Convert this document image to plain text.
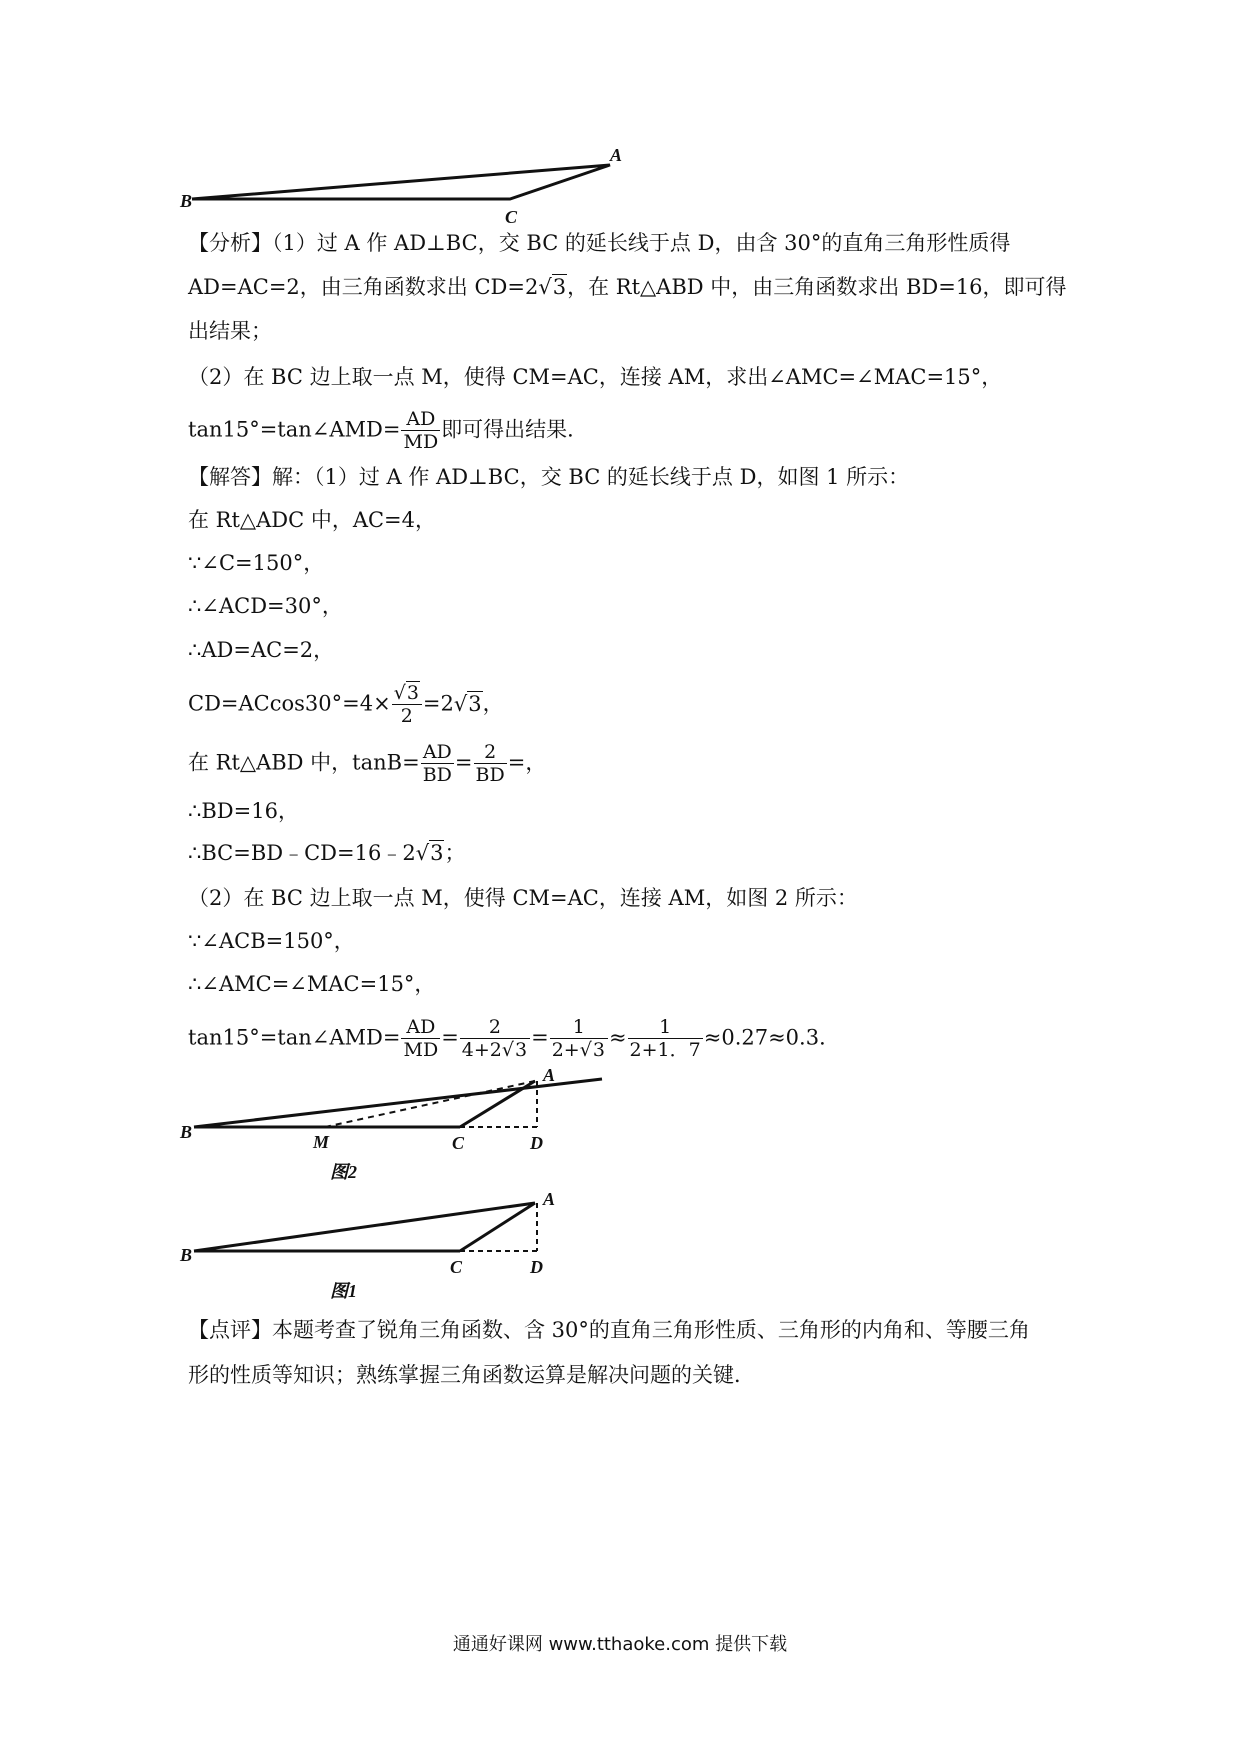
A
B
C
【分析】（1）过 A 作 AD⊥BC，交 BC 的延长线于点 D，由含 30°的直角三角形性质得
AD=AC=2，由三角函数求出 CD=2√3，在 Rt△ABD 中，由三角函数求出 BD=16，即可得
出结果；
（2）在 BC 边上取一点 M，使得 CM=AC，连接 AM，求出∠AMC=∠MAC=15°，
tan15°=tan∠AMD= $\frac{AD}{MD}$ 即可得出结果．
【解答】解：（1）过 A 作 AD⊥BC，交 BC 的延长线于点 D，如图 1 所示：
在 Rt△ADC 中，AC=4，
∵∠C=150°，
∴∠ACD=30°，
∴AD=AC=2，
$CD=ACcos30^\circ=4\times \frac{√3}{2} =2√3$，
在 Rt△ABD 中，$\tan B= \frac{AD}{BD} = \frac{2}{BD}$ =，
∴BD=16，
∴BC=BD﹣CD=16﹣2√3；
（2）在 BC 边上取一点 M，使得 CM=AC，连接 AM，如图 2 所示：
∵∠ACB=150°，
∴∠AMC=∠MAC=15°，
tan15°=tan∠AMD= $\frac{AD}{MD} = \frac{2}{4+2√3} = \frac{1}{2+√3} \approx \frac{1}{2+1.7} \approx 0.27\approx 0.3$．
A
B	M	C	D
图2
A
B
C	D
图1
【点评】本题考查了锐角三角函数、含 30°的直角三角形性质、三角形的内角和、等腰三角
形的性质等知识；熟练掌握三角函数运算是解决问题的关键．
通通好课网 www.tthaoke.com 提供下载
